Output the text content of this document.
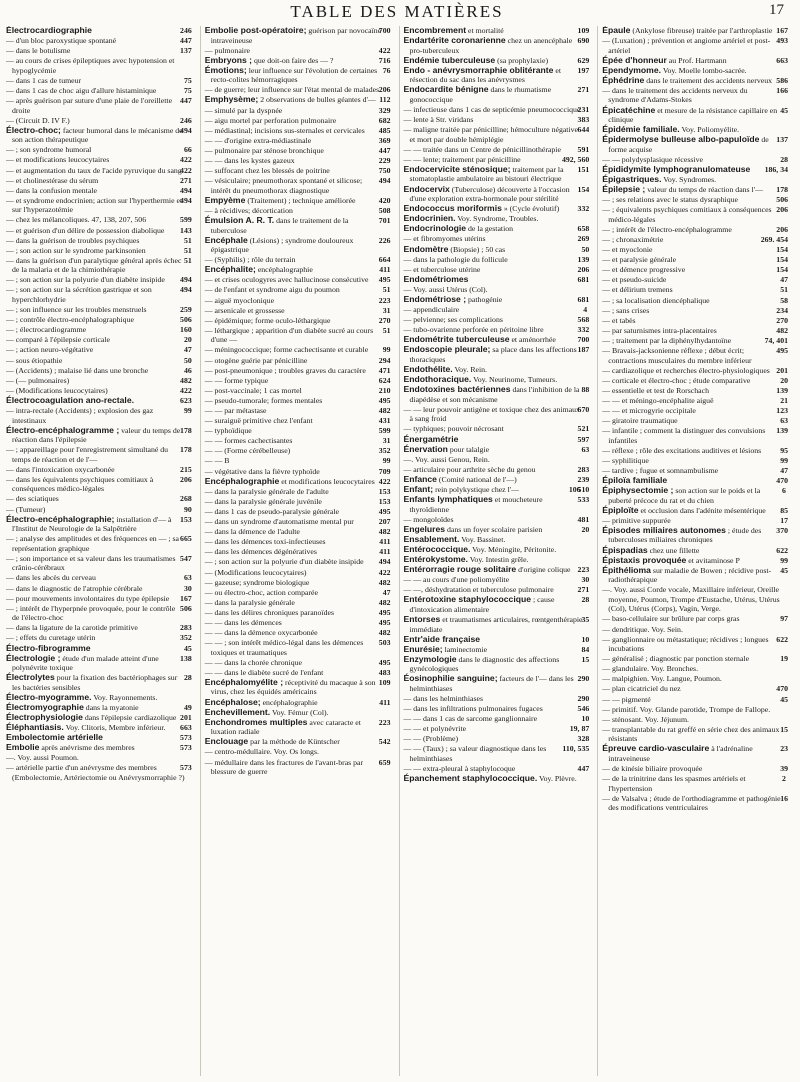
TABLE DES MATIÈRES	17
246
Électrocardiographie
447
— d'un bloc paroxystique spontané
137
— dans le botulisme
— au cours de crises épileptiques avec hypotension et hypoglycémie
75
— dans 1 cas de tumeur
75
— dans 1 cas de choc aigu d'allure histaminique
447
— après guérison par suture d'une plaie de l'oreillette droite
246
— (Circuit D. IV F.)
494
Électro-choc; facteur humoral dans le mécanisme de son action thérapeutique
66
— ; son syndrome humoral
422
— et modifications leucocytaires
422
— et augmentation du taux de l'acide pyruvique du sang
271
— et cholinestérase du sérum
494
— dans la confusion mentale
494
— et syndrome endocrinien; action sur l'hyperthermie et sur l'hyperazotémie
599
— chez les mélancoliques. 47, 138, 207, 506
143
— et guérison d'un délire de possession diabolique
51
— dans la guérison de troubles psychiques
51
— ; son action sur le syndrome parkinsonien
51
— dans la guérison d'un paralytique général après échec de la malaria et de la chimiothérapie
494
— ; son action sur la polyurie d'un diabète insipide
494
— ; son action sur la sécrétion gastrique et son hyperchlorhydrie
259
— ; son influence sur les troubles menstruels
506
— ; contrôle électro-encéphalographique
160
— ; électrocardiogramme
20
— comparé à l'épilepsie corticale
47
— ; action neuro-végétative
50
— sous étiopathie
46
— (Accidents) ; malaise lié dans une bronche
482
— (— pulmonaires)
422
— (Modifications leucocytaires)
623
Électrocoagulation ano-rectale.
99
— intra-rectale (Accidents) ; explosion des gaz intestinaux
178
Électro-encéphalogramme ; valeur du temps de réaction dans l'épilepsie
178
— ; appareillage pour l'enregistrement simultané du temps de réaction et de l'—
215
— dans l'intoxication oxycarbonée
206
— dans les équivalents psychiques comitiaux à conséquences médico-légales
268
— des sciatiques
90
— (Tumeur)
153
Électro-encéphalographie; installation d'— à l'Institut de Neurologie de la Salpêtrière
665
— ; analyse des amplitudes et des fréquences en — ; sa représentation graphique
547
— ; son importance et sa valeur dans les traumatismes crânio-cérébraux
63
— dans les abcès du cerveau
30
— dans le diagnostic de l'atrophie cérébrale
167
— pour mouvements involontaires du type épilepsie
506
— ; intérêt de l'hyperpnée provoquée, pour le contrôle de l'électro-choc
283
— dans la ligature de la carotide primitive
352
— ; effets du curetage utérin
45
Électro-fibrogramme
138
Électrologie ; étude d'un malade atteint d'une polynévrite toxique
28
Électrolytes pour la fixation des bactériophages sur les bactéries sensibles
Électro-myogramme. Voy. Rayonnements.
49
Électromyographie dans la myatonie
201
Électrophysiologie dans l'épilepsie cardiazolique
663
Éléphantiasis. Voy. Clitoris, Membre inférieur.
573
Embolectomie artérielle
573
Embolie après anévrisme des membres
—. Voy. aussi Poumon.
573
— artérielle partie d'un anévrysme des membres (Embolectomie, Artériectomie ou Anévrysmorraphie ?)
700
Embolie post-opératoire; guérison par novocaïne intraveineuse
422
— pulmonaire
716
Embryons ; que doit-on faire des — ?
76
Émotions; leur influence sur l'évolution de certaines recto-colites hémorragiques
206
— de guerre; leur influence sur l'état mental de malades
112
Emphysème; 2 observations de bulles géantes d'—
329
— simulé par la dyspnée
682
— aigu mortel par perforation pulmonaire
485
— médiastinal; incisions sus-sternales et cervicales
369
— — d'origine extra-médiastinale
447
— pulmonaire par sténose bronchique
229
— — dans les kystes gazeux
750
— suffocant chez les blessés de poitrine
494
— vésiculaire; pneumothorax spontané et silicose; intérêt du pneumothorax diagnostique
420
Empyème (Traitement) ; technique améliorée
508
— à récidives; décortication
701
Émulsion A. R. T. dans le traitement de la tuberculose
226
Encéphale (Lésions) ; syndrome douloureux épigastrique
664
— (Syphilis) ; rôle du terrain
411
Encéphalite; encéphalographie
495
— et crises oculogyres avec hallucinose consécutive
51
— de l'enfant et syndrome aigu du poumon
223
— aiguë myoclonique
31
— arsenicale et grossesse
270
— épidémique; forme oculo-léthargique
51
— léthargique ; apparition d'un diabète sucré au cours d'une —
99
— méningococcique; forme cachectisante et curable
294
— otogène guérie par pénicilline
471
— post-pneumonique ; troubles graves du caractère
624
— — forme typique
210
— post-vaccinale; 1 cas mortel
495
— pseudo-tumorale; formes mentales
482
— — par métastase
431
— suraiguë primitive chez l'enfant
599
— typhoïdique
31
— — formes cachectisantes
352
— — (Forme cérébelleuse)
99
— — B
709
— végétative dans la fièvre typhoïde
422
Encéphalographie et modifications leucocytaires
153
— dans la paralysie générale de l'adulte
153
— dans la paralysie générale juvénile
495
— dans 1 cas de pseudo-paralysie générale
207
— dans un syndrome d'automatisme mental pur
482
— dans la démence de l'adulte
411
— dans les démences toxi-infectieuses
411
— dans les démences dégénératives
494
— ; son action sur la polyurie d'un diabète insipide
422
— (Modifications leucocytaires)
482
— gazeuse; syndrome biologique
47
— ou électro-choc, action comparée
482
— dans la paralysie générale
495
— dans les délires chroniques paranoïdes
495
— — dans les démences
482
— — dans la démence oxycarbonée
503
— — ; son intérêt médico-légal dans les démences toxiques et traumatiques
495
— — dans la chorée chronique
483
— — dans le diabète sucré de l'enfant
109
Encéphalomyélite ; réceptivité du macaque à son virus, chez les équidés américains
411
Encéphalose; encéphalographie
Enchevillement. Voy. Fémur (Col).
223
Enchondromes multiples avec cataracte et luxation radiale
542
Enclouage par la méthode de Küntscher
— centro-médullaire. Voy. Os longs.
659
— médullaire dans les fractures de l'avant-bras par blessure de guerre
109
Encombrement et mortalité
690
Endartérite coronarienne chez un anencéphale pro-tuberculeux
629
Endémie tuberculeuse (sa prophylaxie)
197
Endo - anévrysmorraphie oblitérante et résection du sac dans les anévrysmes
271
Endocardite bénigne dans le rhumatisme gonococcique
231
— infectieuse dans 1 cas de septicémie pneumococcique
383
— lente à Str. viridans
644
— maligne traitée par pénicilline; hémoculture négative et mort par double hémiplégie
591
— — traitée dans un Centre de pénicillinothérapie
492, 560
— — lente; traitement par pénicilline
151
Endocervicite sténosique; traitement par la stomatoplastie ambulatoire au bistouri électrique
154
Endocervix (Tuberculose) découverte à l'occasion d'une exploration extra-hormonale pour stérilité
332
Endococcus moriformis » (Cycle évolutif)
Endocrinien. Voy. Syndrome, Troubles.
658
Endocrinologie de la gestation
269
— et fibromyomes utérins
50
Endomètre (Biopsie) ; 50 cas
139
— dans la pathologie du follicule
206
— et tuberculose utérine
681
Endométriomes
— Voy. aussi Utérus (Col).
681
Endométriose ; pathogénie
4
— appendiculaire
568
— pelvienne; ses complications
332
— tubo-ovarienne perforée en péritoine libre
700
Endométrite tuberculeuse et aménorrhée
187
Endoscopie pleurale; sa place dans les affections thoraciques
Endothélite. Voy. Rein.
Endothoracique. Voy. Neurinome, Tumeurs.
88
Endotoxines bactériennes dans l'inhibition de la diapédèse et son mécanisme
670
— — leur pouvoir antigène et toxique chez des animaux à sang froid
521
— typhiques; pouvoir nécrosant
597
Énergamétrie
63
Énervation pour talalgie
—. Voy. aussi Genou, Rein.
283
— articulaire pour arthrite sèche du genou
239
Enfance (Comité national de l'—)
510
106
Enfant; rein polykystique chez l'—
533
Enfants lymphatiques et moucheteure thyroïdienne
481
— mongoloïdes
20
Engelures dans un foyer scolaire parisien
Ensablement. Voy. Bassinet.
Entérococcique. Voy. Méningite, Péritonite.
Entérokystome. Voy. Intestin grêle.
223
Entérorragie rouge solitaire d'origine colique
30
— — au cours d'une poliomyélite
271
— —, déshydratation et tuberculose pulmonaire
28
Entérotoxine staphylococcique ; cause d'intoxication alimentaire
35
Entorses et traumatismes articulaires, rœntgenthérapie immédiate
10
Entr'aide française
84
Enurésie; laminectomie
15
Enzymologie dans le diagnostic des affections gynécologiques
290
Éosinophilie sanguine; facteurs de l'— dans les helminthiases
290
— dans les helminthiases
546
— dans les infiltrations pulmonaires fugaces
10
— — dans 1 cas de sarcome ganglionnaire
19, 87
— — et polynévrite
328
— — (Problème)
110, 535
— — (Taux) ; sa valeur diagnostique dans les helminthiases
447
— — extra-pleural à staphylocoque
Épanchement staphylococcique. Voy. Plèvre.
167
Épaule (Ankylose fibreuse) traitée par l'arthroplastie
493
— (Luxation) ; prévention et angiome artériel et post-artériel
663
Épée d'honneur au Prof. Hartmann
Ependymome. Voy. Moelle lombo-sacrée.
586
Éphédrine dans le traitement des accidents nerveux
166
— dans le traitement des accidents nerveux du syndrome d'Adams-Stokes
45
Épicatéchine et mesure de la résistance capillaire en clinique
Épidémie familiale. Voy. Poliomyélite.
137
Épidermolyse bulleuse albo-papuloïde de forme acquise
28
— — polydysplasique récessive
186, 34
Épididymite lymphogranulomateuse
Épigastriques. Voy. Syndromes.
178
Épilepsie ; valeur du temps de réaction dans l'—
506
— ; ses relations avec le status dysraphique
206
— ; équivalents psychiques comitiaux à conséquences médico-légales
206
— ; intérêt de l'électro-encéphalogramme
269. 454
— ; chronaximétrie
154
— et myoclonie
154
— et paralysie générale
154
— et démence progressive
47
— et pseudo-suicide
51
— et délirium tremens
58
— ; sa localisation diencéphalique
234
— ; sans crises
270
— et tabès
482
— par saturnismes intra-placentaires
74, 401
— ; traitement par la diphénylhydantoïne
495
— Bravais-jacksonienne réflexe ; début écrit; contractions musculaires du membre inférieur
201
— cardiazolique et recherches électro-physiologiques
20
— corticale et électro-choc ; étude comparative
139
— essentielle et test de Rorschach
21
— — et méningo-encéphalite aiguë
123
— — et microgyrie occipitale
63
— giratoire traumatique
139
— infantile ; comment la distinguer des convulsions infantiles
95
— réflexe ; rôle des excitations auditives et lésions
99
— syphilitique
47
— tardive ; fugue et somnambulisme
470
Épiloïa familiale
6
Épiphysectomie ; son action sur le poids et la puberté précoce du rat et du chien
85
Épiploïte et occlusion dans l'adénite mésentérique
17
— primitive suppurée
370
Épisodes miliaires autonomes ; étude des tuberculoses miliaires chroniques
622
Épispadias chez une fillette
99
Épistaxis provoquée et avitaminose P
45
Épithélioma sur maladie de Bowen ; récidive post-radiothérapique
—. Voy. aussi Corde vocale, Maxillaire inférieur, Oreille moyenne, Poumon, Trompe d'Eustache, Utérus, Utérus (Col), Utérus (Corps), Vagin, Verge.
97
— baso-cellulaire sur brûlure par corps gras
— dendritique. Voy. Sein.
622
— ganglionnaire ou métastatique; récidives ; longues incubations
19
— généralisé ; diagnostic par ponction sternale
— glandulaire. Voy. Bronches.
— malpighien. Voy. Langue, Poumon.
470
— plan cicatriciel du nez
45
— — pigmenté
— primitif. Voy. Glande parotide, Trompe de Fallope.
— sténosant. Voy. Jéjunum.
15
— transplantable du rat greffé en série chez des animaux résistants
23
Épreuve cardio-vasculaire à l'adrénaline intraveineuse
39
— de kinésie biliaire provoquée
2
— de la trinitrine dans les spasmes artériels et l'hypertension
16
— de Valsalva ; étude de l'orthodiagramme et pathogénie des modifications ventriculaires
